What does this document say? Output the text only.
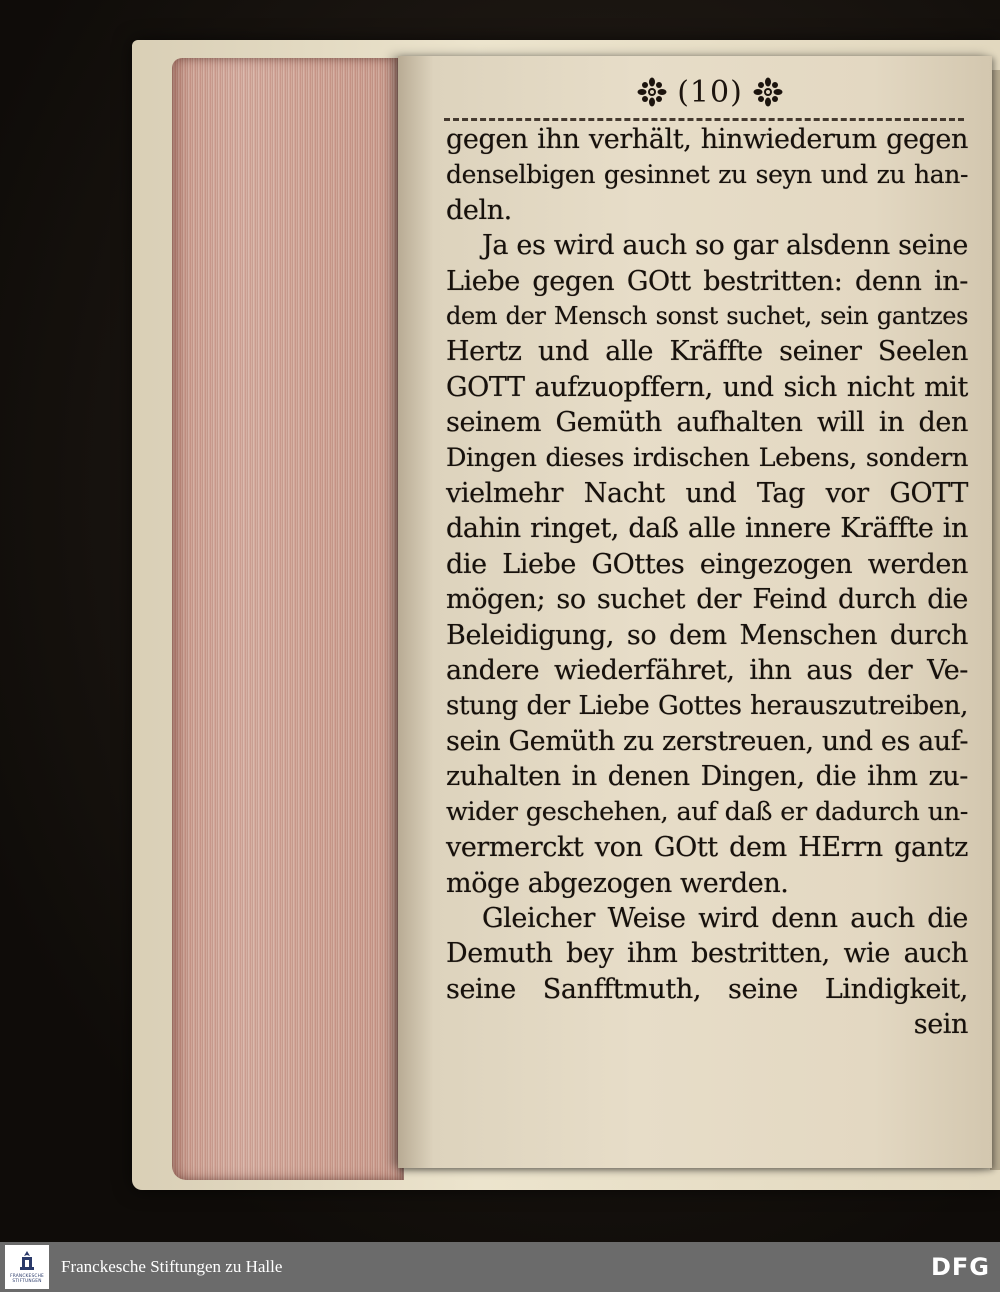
(10)
gegen ihn verhält, hinwiederum gegen
denselbigen gesinnet zu seyn und zu han-
deln.
Ja es wird auch so gar alsdenn seine
Liebe gegen GOtt bestritten: denn in-
dem der Mensch sonst suchet, sein gantzes
Hertz und alle Kräffte seiner Seelen
GOTT aufzuopffern, und sich nicht mit
seinem Gemüth aufhalten will in den
Dingen dieses irdischen Lebens, sondern
vielmehr Nacht und Tag vor GOTT
dahin ringet, daß alle innere Kräffte in
die Liebe GOttes eingezogen werden
mögen; so suchet der Feind durch die
Beleidigung, so dem Menschen durch
andere wiederfähret, ihn aus der Ve-
stung der Liebe Gottes herauszutreiben,
sein Gemüth zu zerstreuen, und es auf-
zuhalten in denen Dingen, die ihm zu-
wider geschehen, auf daß er dadurch un-
vermerckt von GOtt dem HErrn gantz
möge abgezogen werden.
Gleicher Weise wird denn auch die
Demuth bey ihm bestritten, wie auch
seine Sanfftmuth, seine Lindigkeit,
sein
FRANCKESCHE
STIFTUNGEN
Franckesche Stiftungen zu Halle	DFG
